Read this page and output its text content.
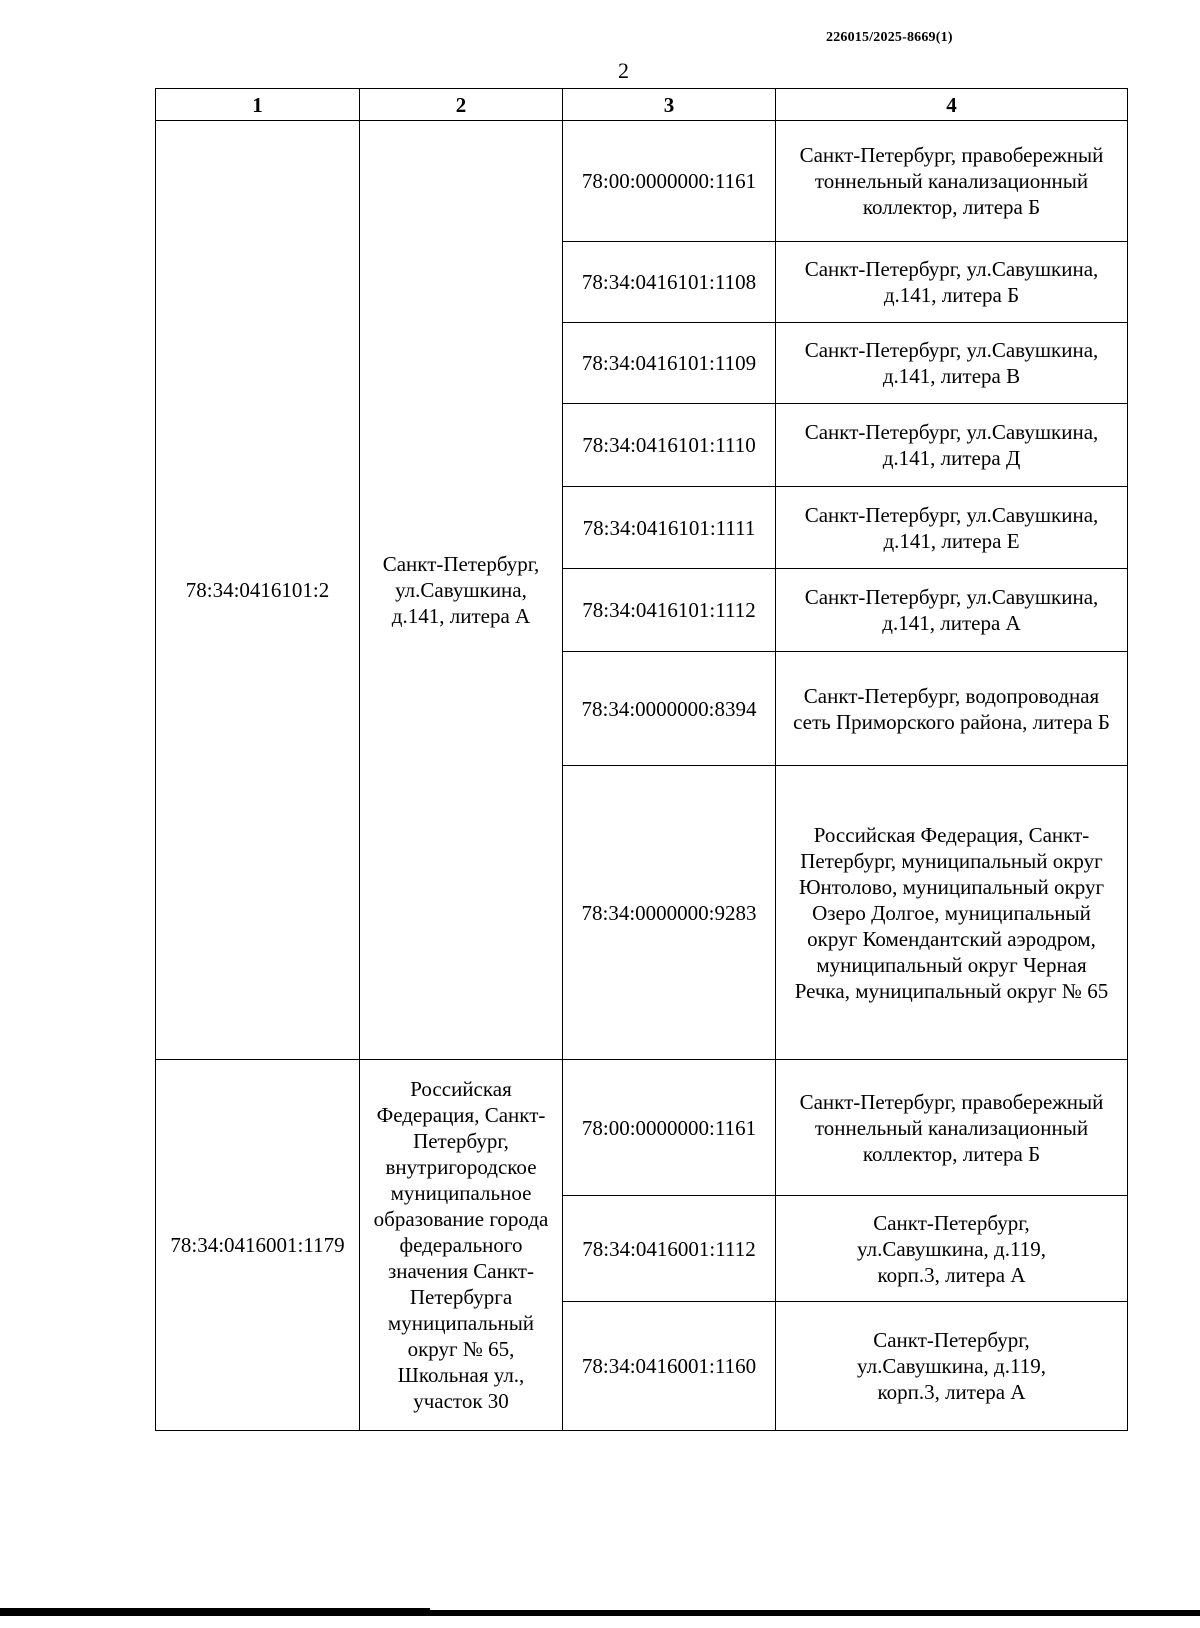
226015/2025-8669(1)
2
1	2	3	4
78:34:0416101:2	Санкт-Петербург, ул.Савушкина, д.141, литера А	78:00:0000000:1161	Санкт-Петербург, правобережный тоннельный канализационный коллектор, литера Б
		78:34:0416101:1108	Санкт-Петербург, ул.Савушкина, д.141, литера Б
		78:34:0416101:1109	Санкт-Петербург, ул.Савушкина, д.141, литера В
		78:34:0416101:1110	Санкт-Петербург, ул.Савушкина, д.141, литера Д
		78:34:0416101:1111	Санкт-Петербург, ул.Савушкина, д.141, литера Е
		78:34:0416101:1112	Санкт-Петербург, ул.Савушкина, д.141, литера А
		78:34:0000000:8394	Санкт-Петербург, водопроводная сеть Приморского района, литера Б
		78:34:0000000:9283	Российская Федерация, Санкт-Петербург, муниципальный округ Юнтолово, муниципальный округ Озеро Долгое, муниципальный округ Комендантский аэродром, муниципальный округ Черная Речка, муниципальный округ № 65
78:34:0416001:1179	Российская Федерация, Санкт-Петербург, внутригородское муниципальное образование города федерального значения Санкт-Петербурга муниципальный округ № 65, Школьная ул., участок 30	78:00:0000000:1161	Санкт-Петербург, правобережный тоннельный канализационный коллектор, литера Б
		78:34:0416001:1112	Санкт-Петербург, ул.Савушкина, д.119, корп.3, литера А
		78:34:0416001:1160	Санкт-Петербург, ул.Савушкина, д.119, корп.3, литера А
